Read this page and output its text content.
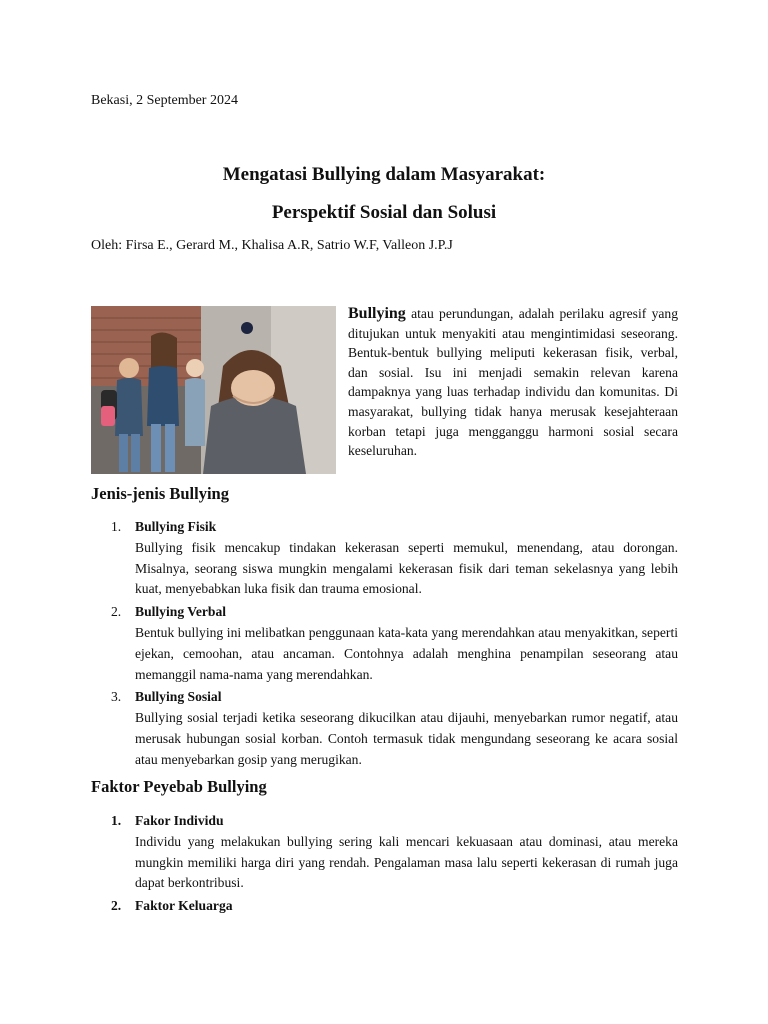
Bekasi, 2 September 2024
Mengatasi Bullying dalam Masyarakat:
Perspektif Sosial dan Solusi
Oleh: Firsa E., Gerard M., Khalisa A.R, Satrio W.F, Valleon J.P.J

Bullying atau perundungan, adalah perilaku agresif yang ditujukan untuk menyakiti atau mengintimidasi seseorang. Bentuk-bentuk bullying meliputi kekerasan fisik, verbal, dan sosial. Isu ini menjadi semakin relevan karena dampaknya yang luas terhadap individu dan komunitas. Di masyarakat, bullying tidak hanya merusak kesejahteraan korban tetapi juga mengganggu harmoni sosial secara keseluruhan.

Jenis-jenis Bullying
1. Bullying Fisik
Bullying fisik mencakup tindakan kekerasan seperti memukul, menendang, atau dorongan. Misalnya, seorang siswa mungkin mengalami kekerasan fisik dari teman sekelasnya yang lebih kuat, menyebabkan luka fisik dan trauma emosional.
2. Bullying Verbal
Bentuk bullying ini melibatkan penggunaan kata-kata yang merendahkan atau menyakitkan, seperti ejekan, cemoohan, atau ancaman. Contohnya adalah menghina penampilan seseorang atau memanggil nama-nama yang merendahkan.
3. Bullying Sosial
Bullying sosial terjadi ketika seseorang dikucilkan atau dijauhi, menyebarkan rumor negatif, atau merusak hubungan sosial korban. Contoh termasuk tidak mengundang seseorang ke acara sosial atau menyebarkan gosip yang merugikan.
Faktor Peyebab Bullying
1. Fakor Individu
Individu yang melakukan bullying sering kali mencari kekuasaan atau dominasi, atau mereka mungkin memiliki harga diri yang rendah. Pengalaman masa lalu seperti kekerasan di rumah juga dapat berkontribusi.
2. Faktor Keluarga
